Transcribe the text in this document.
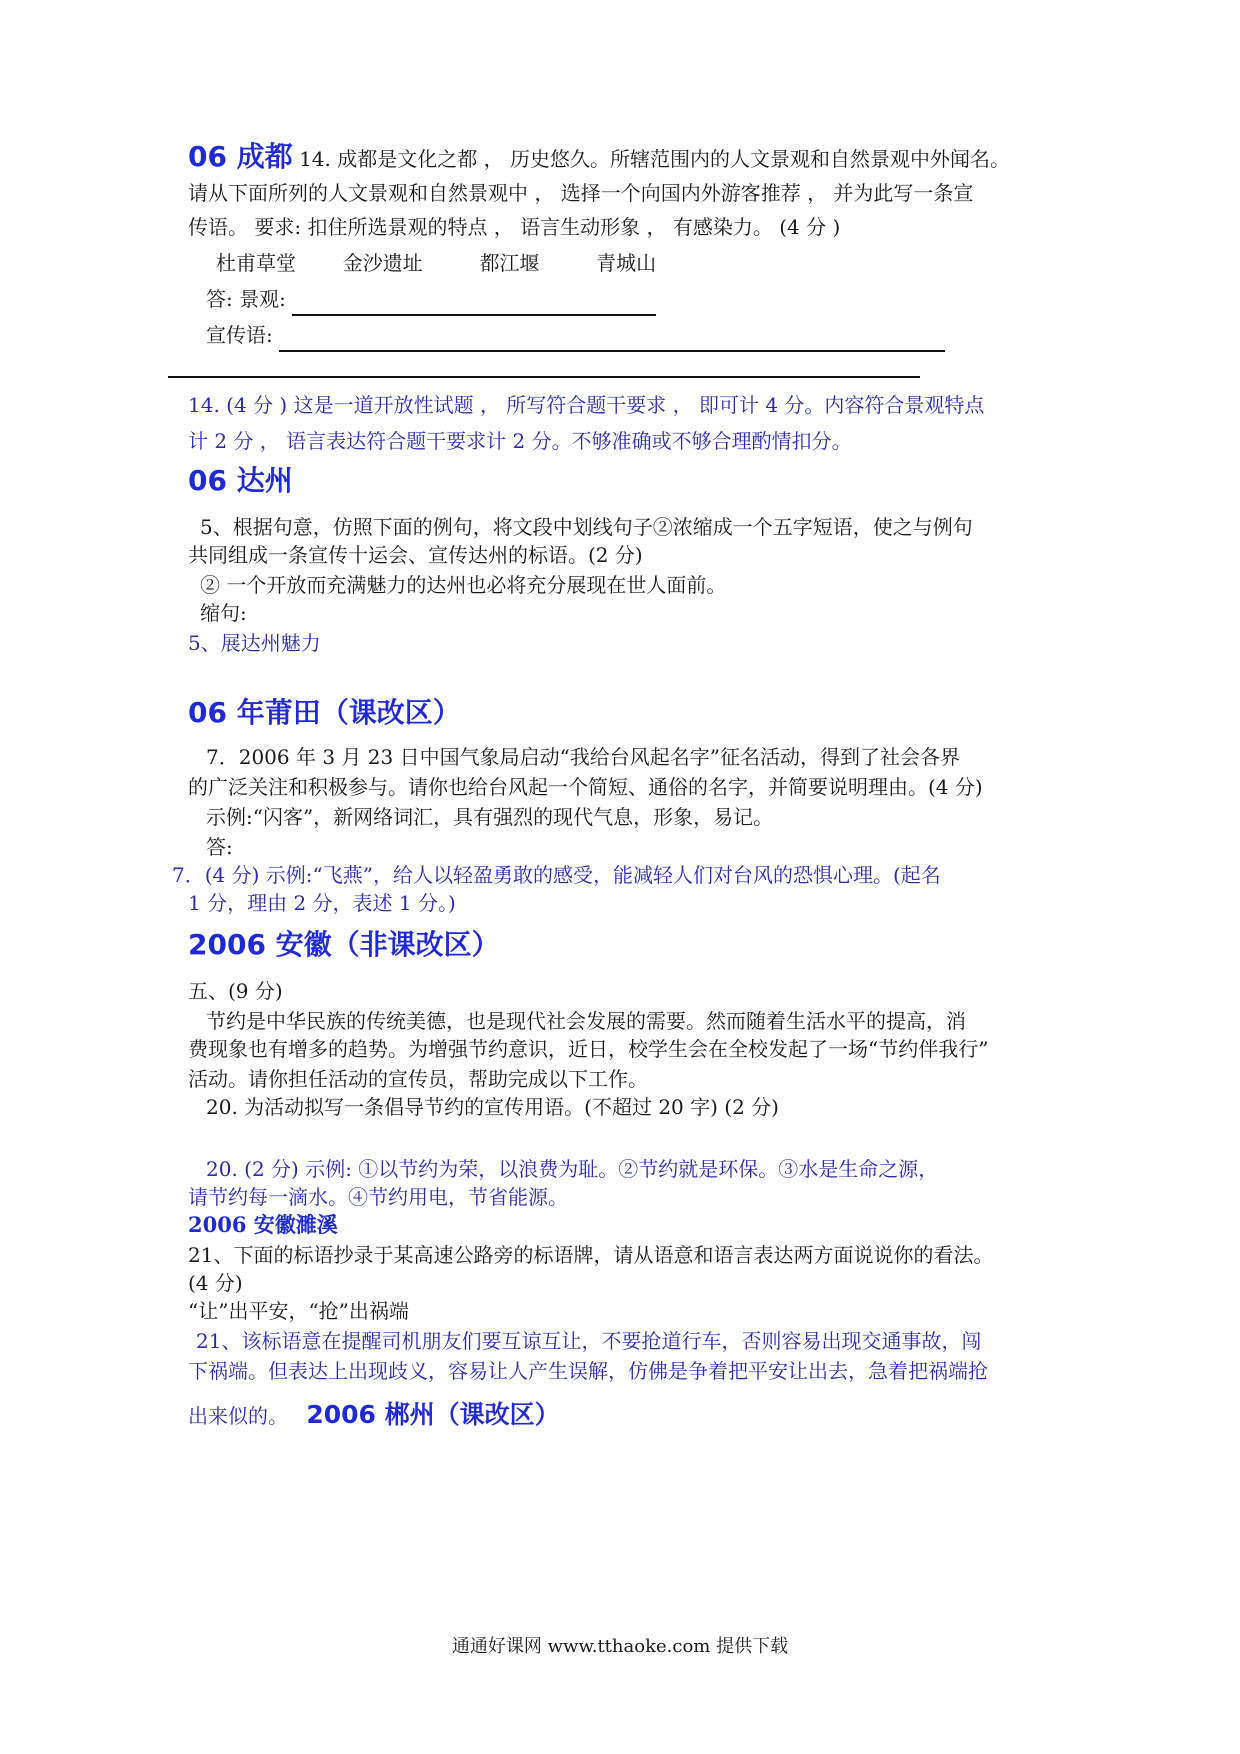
06 成都 14. 成都是文化之都 ， 历史悠久。所辖范围内的人文景观和自然景观中外闻名。
请从下面所列的人文景观和自然景观中 ， 选择一个向国内外游客推荐 ， 并为此写一条宣
传语。 要求: 扣住所选景观的特点 ， 语言生动形象 ， 有感染力。 (4 分 )
杜甫草堂 金沙遗址	都江堰	青城山
答: 景观:
宣传语:
14. (4 分 ) 这是一道开放性试题 ， 所写符合题干要求 ， 即可计 4 分。内容符合景观特点
计 2 分 ， 语言表达符合题干要求计 2 分。不够准确或不够合理酌情扣分。
06 达州
5、根据句意，仿照下面的例句，将文段中划线句子②浓缩成一个五字短语，使之与例句
共同组成一条宣传十运会、宣传达州的标语。(2 分)
② 一个开放而充满魅力的达州也必将充分展现在世人面前。
缩句:
5、展达州魅力
06 年莆田（课改区）
7．2006 年 3 月 23 日中国气象局启动“我给台风起名字”征名活动，得到了社会各界
的广泛关注和积极参与。请你也给台风起一个简短、通俗的名字，并简要说明理由。(4 分)
示例:“闪客”，新网络词汇，具有强烈的现代气息，形象，易记。
答:
7．(4 分) 示例:“飞燕”，给人以轻盈勇敢的感受，能减轻人们对台风的恐惧心理。(起名
1 分，理由 2 分，表述 1 分。)
2006 安徽（非课改区）
五、(9 分)
节约是中华民族的传统美德，也是现代社会发展的需要。然而随着生活水平的提高，消
费现象也有增多的趋势。为增强节约意识，近日，校学生会在全校发起了一场“节约伴我行”
活动。请你担任活动的宣传员，帮助完成以下工作。
20. 为活动拟写一条倡导节约的宣传用语。(不超过 20 字) (2 分)
20. (2 分) 示例: ①以节约为荣，以浪费为耻。②节约就是环保。③水是生命之源，
请节约每一滴水。④节约用电，节省能源。
2006 安徽濉溪
21、下面的标语抄录于某高速公路旁的标语牌，请从语意和语言表达两方面说说你的看法。
(4 分)
“让”出平安，“抢”出祸端
21、该标语意在提醒司机朋友们要互谅互让，不要抢道行车，否则容易出现交通事故，闯
下祸端。但表达上出现歧义，容易让人产生误解，仿佛是争着把平安让出去，急着把祸端抢
出来似的。 2006 郴州（课改区）
通通好课网 www.tthaoke.com 提供下载
